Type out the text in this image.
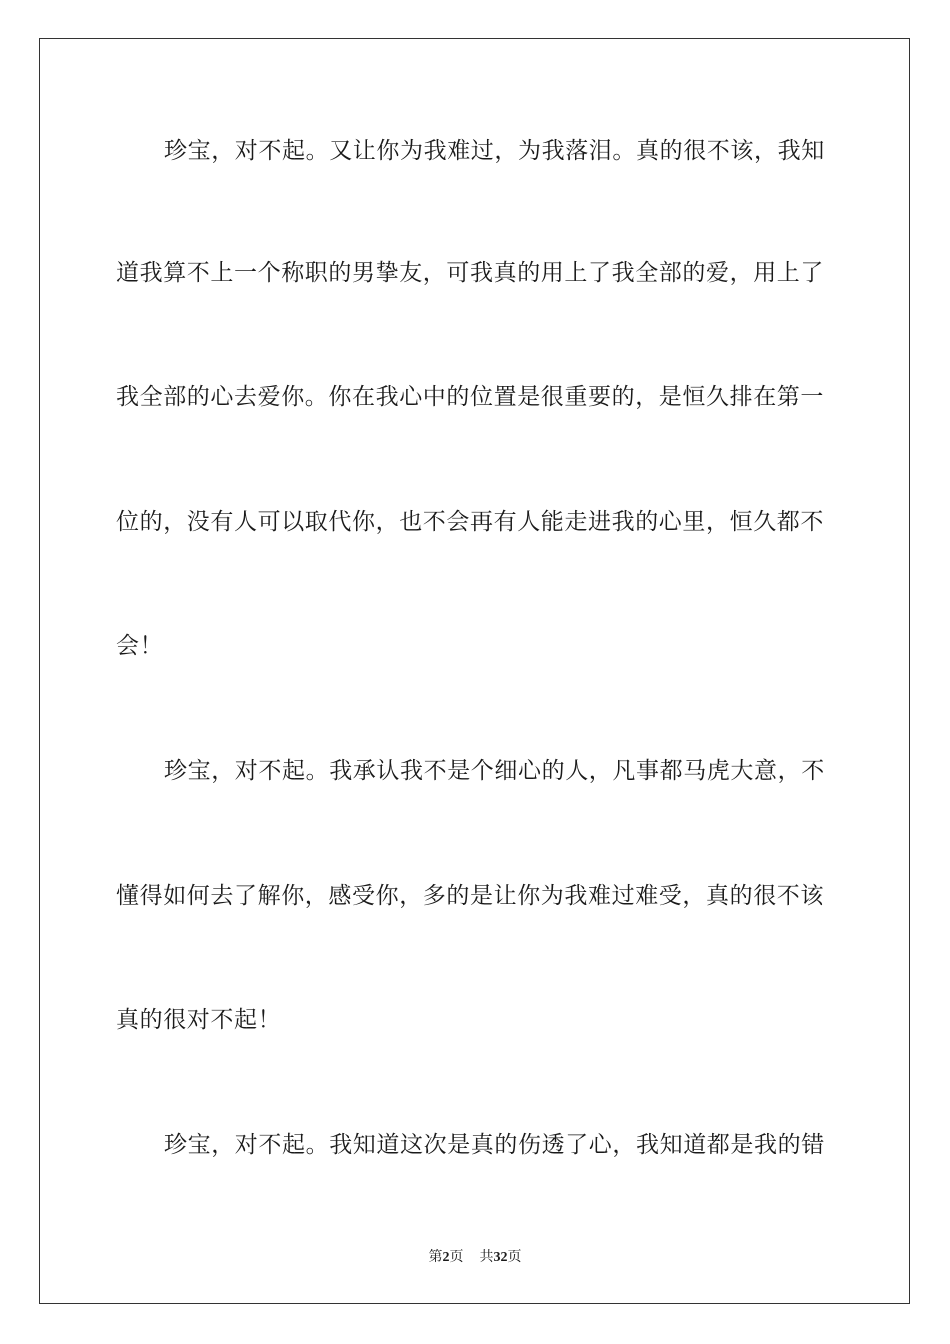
珍宝，对不起。又让你为我难过，为我落泪。真的很不该，我知
道我算不上一个称职的男挚友，可我真的用上了我全部的爱，用上了
我全部的心去爱你。你在我心中的位置是很重要的，是恒久排在第一
位的，没有人可以取代你，也不会再有人能走进我的心里，恒久都不
会！
珍宝，对不起。我承认我不是个细心的人，凡事都马虎大意，不
懂得如何去了解你，感受你，多的是让你为我难过难受，真的很不该
真的很对不起！
珍宝，对不起。我知道这次是真的伤透了心，我知道都是我的错
第2页 共32页
